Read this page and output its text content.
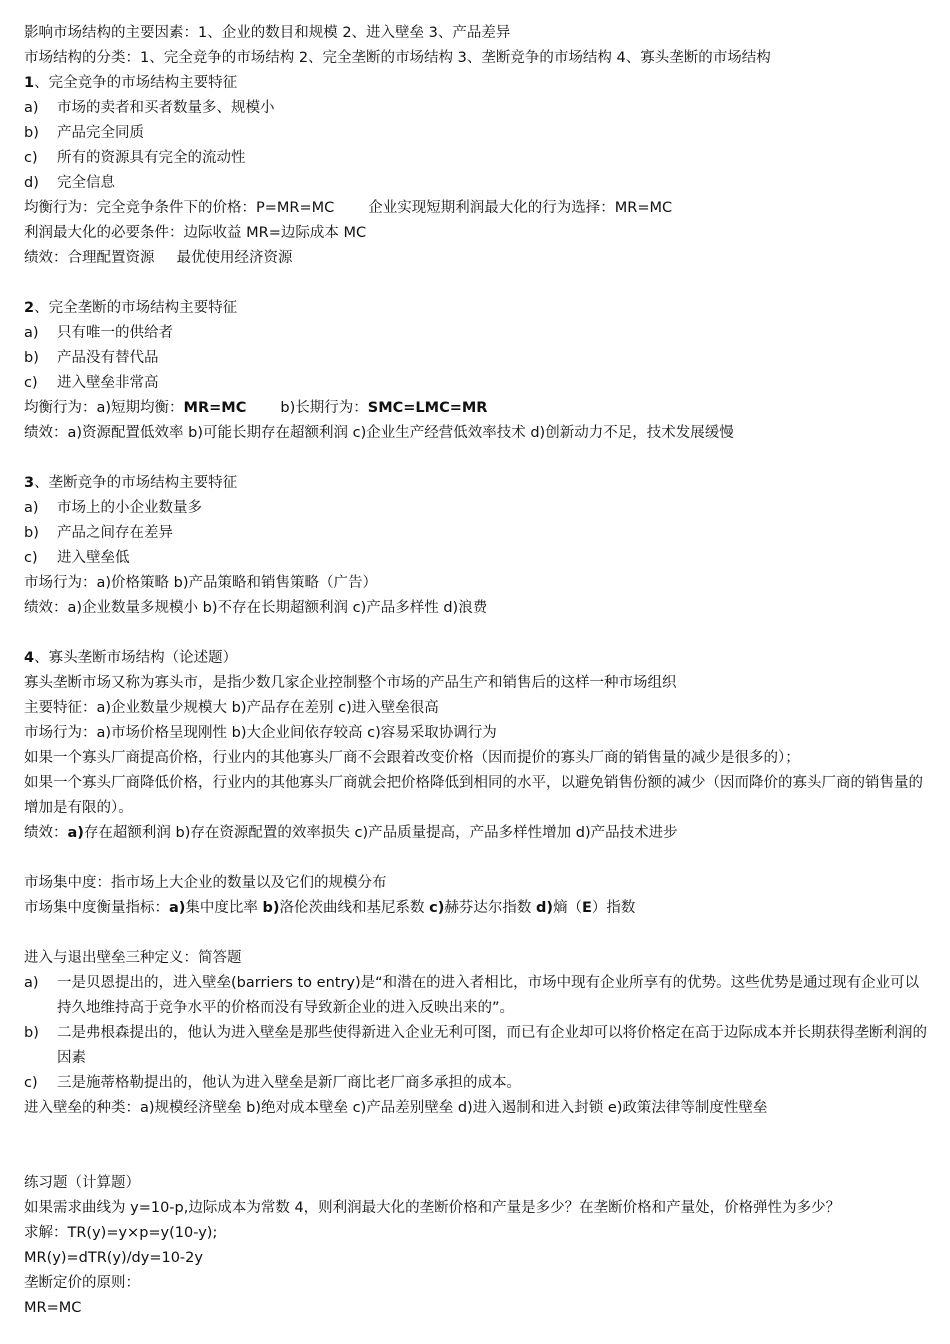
影响市场结构的主要因素：1、企业的数目和规模 2、进入壁垒 3、产品差异
市场结构的分类：1、完全竞争的市场结构 2、完全垄断的市场结构 3、垄断竞争的市场结构 4、寡头垄断的市场结构
1、完全竞争的市场结构主要特征
a)	市场的卖者和买者数量多、规模小
b)	产品完全同质
c)	所有的资源具有完全的流动性
d)	完全信息
均衡行为：完全竞争条件下的价格：P=MR=MC 企业实现短期利润最大化的行为选择：MR=MC
利润最大化的必要条件：边际收益 MR=边际成本 MC
绩效：合理配置资源 最优使用经济资源
2、完全垄断的市场结构主要特征
a)	只有唯一的供给者
b)	产品没有替代品
c)	进入壁垒非常高
均衡行为：a)短期均衡：MR=MC b)长期行为：SMC=LMC=MR
绩效：a)资源配置低效率 b)可能长期存在超额利润 c)企业生产经营低效率技术 d)创新动力不足，技术发展缓慢
3、垄断竞争的市场结构主要特征
a)	市场上的小企业数量多
b)	产品之间存在差异
c)	进入壁垒低
市场行为：a)价格策略 b)产品策略和销售策略（广告）
绩效：a)企业数量多规模小 b)不存在长期超额利润 c)产品多样性 d)浪费
4、寡头垄断市场结构（论述题）
寡头垄断市场又称为寡头市，是指少数几家企业控制整个市场的产品生产和销售后的这样一种市场组织
主要特征：a)企业数量少规模大 b)产品存在差别 c)进入壁垒很高
市场行为：a)市场价格呈现刚性 b)大企业间依存较高 c)容易采取协调行为
如果一个寡头厂商提高价格，行业内的其他寡头厂商不会跟着改变价格（因而提价的寡头厂商的销售量的减少是很多的）；
如果一个寡头厂商降低价格，行业内的其他寡头厂商就会把价格降低到相同的水平，以避免销售份额的减少（因而降价的寡头厂商的销售量的增加是有限的）。
绩效：a)存在超额利润 b)存在资源配置的效率损失 c)产品质量提高，产品多样性增加 d)产品技术进步
市场集中度：指市场上大企业的数量以及它们的规模分布
市场集中度衡量指标：a)集中度比率 b)洛伦茨曲线和基尼系数 c)赫芬达尔指数 d)熵（E）指数
进入与退出壁垒三种定义：简答题
a)	一是贝恩提出的，进入壁垒(barriers to entry)是“和潜在的进入者相比，市场中现有企业所享有的优势。这些优势是通过现有企业可以持久地维持高于竞争水平的价格而没有导致新企业的进入反映出来的”。
b)	二是弗根森提出的，他认为进入壁垒是那些使得新进入企业无利可图，而已有企业却可以将价格定在高于边际成本并长期获得垄断利润的因素
c)	三是施蒂格勒提出的，他认为进入壁垒是新厂商比老厂商多承担的成本。
进入壁垒的种类：a)规模经济壁垒 b)绝对成本壁垒 c)产品差别壁垒 d)进入遏制和进入封锁 e)政策法律等制度性壁垒
练习题（计算题）
如果需求曲线为 y=10-p,边际成本为常数 4，则利润最大化的垄断价格和产量是多少？在垄断价格和产量处，价格弹性为多少？
求解：TR(y)=y×p=y(10-y);
MR(y)=dTR(y)/dy=10-2y
垄断定价的原则：
MR=MC
